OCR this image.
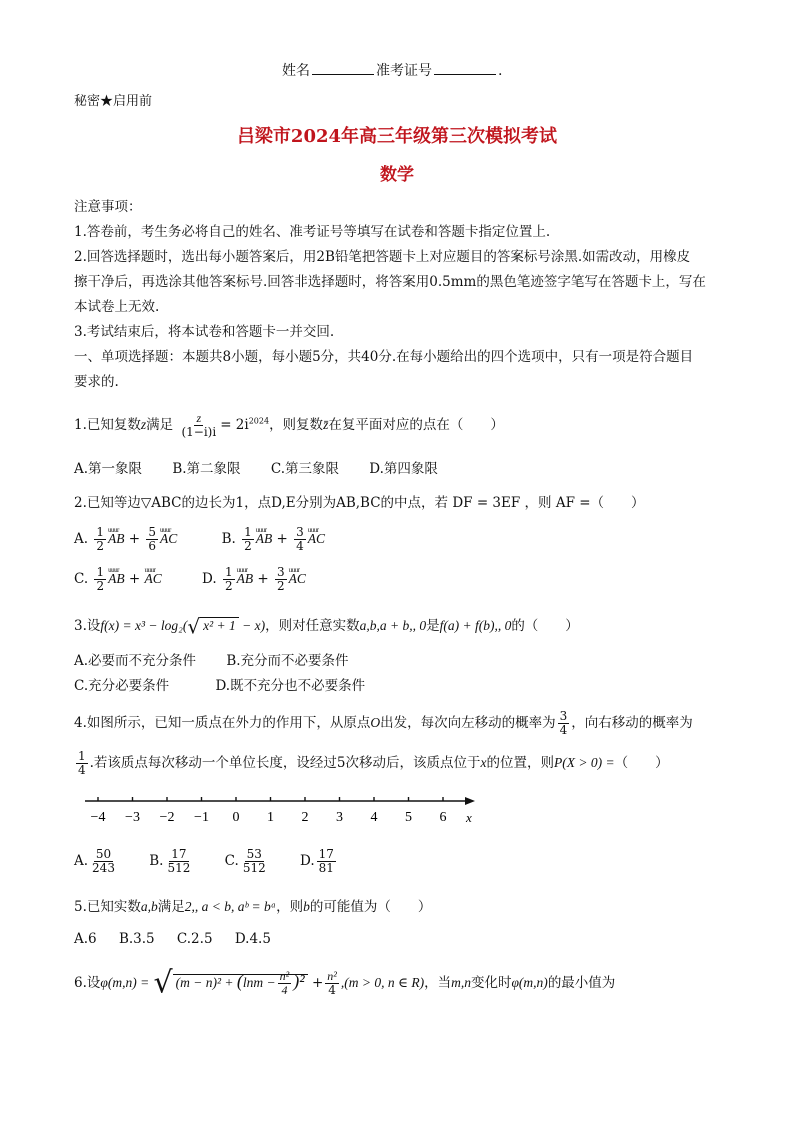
姓名	准考证号	.
秘密★启用前
吕梁市2024年高三年级第三次模拟考试
数学
注意事项：
1.答卷前，考生务必将自己的姓名、准考证号等填写在试卷和答题卡指定位置上.
2.回答选择题时，选出每小题答案后，用2B铅笔把答题卡上对应题目的答案标号涂黑.如需改动，用橡皮
擦干净后，再选涂其他答案标号.回答非选择题时，将答案用0.5mm的黑色笔迹签字笔写在答题卡上，写在
本试卷上无效.
3.考试结束后，将本试卷和答题卡一并交回.
一、单项选择题：本题共8小题，每小题5分，共40分.在每小题给出的四个选项中，只有一项是符合题目
要求的.
1.已知复数z满足 $\frac{z}{(1-i)i} = 2i^{2024}$，则复数z̄在复平面对应的点在（　　）
A.第一象限 B.第二象限 C.第三象限 D.第四象限
2.已知等边▽ABC的边长为1，点D,E分别为AB,BC的中点，若 DF = 3EF ，则 AF =（　　）
A. $\frac{1}{2}$ uuur AB + $\frac{5}{6}$ uuur AC	B. $\frac{1}{2}$ uuur AB + $\frac{3}{4}$ uuur AC
C. $\frac{1}{2}$ uuur AB + uuur AC	D. $\frac{1}{2}$ uuur AB + $\frac{3}{2}$ uuur AC
3.设f(x) = x³ − log₂(√ x² + 1 − x)，则对任意实数a,b,a + b,, 0是f(a) + f(b),, 0的（　　）
A.必要而不充分条件 B.充分而不必要条件
C.充分必要条件	D.既不充分也不必要条件
4.如图所示，已知一质点在外力的作用下，从原点O出发，每次向左移动的概率为 $\frac{3}{4}$ ，向右移动的概率为
$\frac{1}{4}$ .若该质点每次移动一个单位长度，设经过5次移动后，该质点位于x的位置，则P(X > 0) =（　　）
−4 −3 −2 −1 0 1 2 3 4 5 6 x
A. $\frac{50}{243} B$. $\frac{17}{512} C$. $\frac{53}{512} D$. $\frac{17}{81}$
5.已知实数a,b满足2,, a < b, aᵇ = bᵃ，则b的可能值为（　　）
A.6 B.3.5 C.2.5 D.4.5
6.设φ(m,n) = √ $(m - n)^2 + (\ln m - \frac{\text{n²}}{4} )^2 + \frac{\text{n²}}{4} ,(m > 0$, n ∈ R)，当m,n变化时φ(m,n)的最小值为
